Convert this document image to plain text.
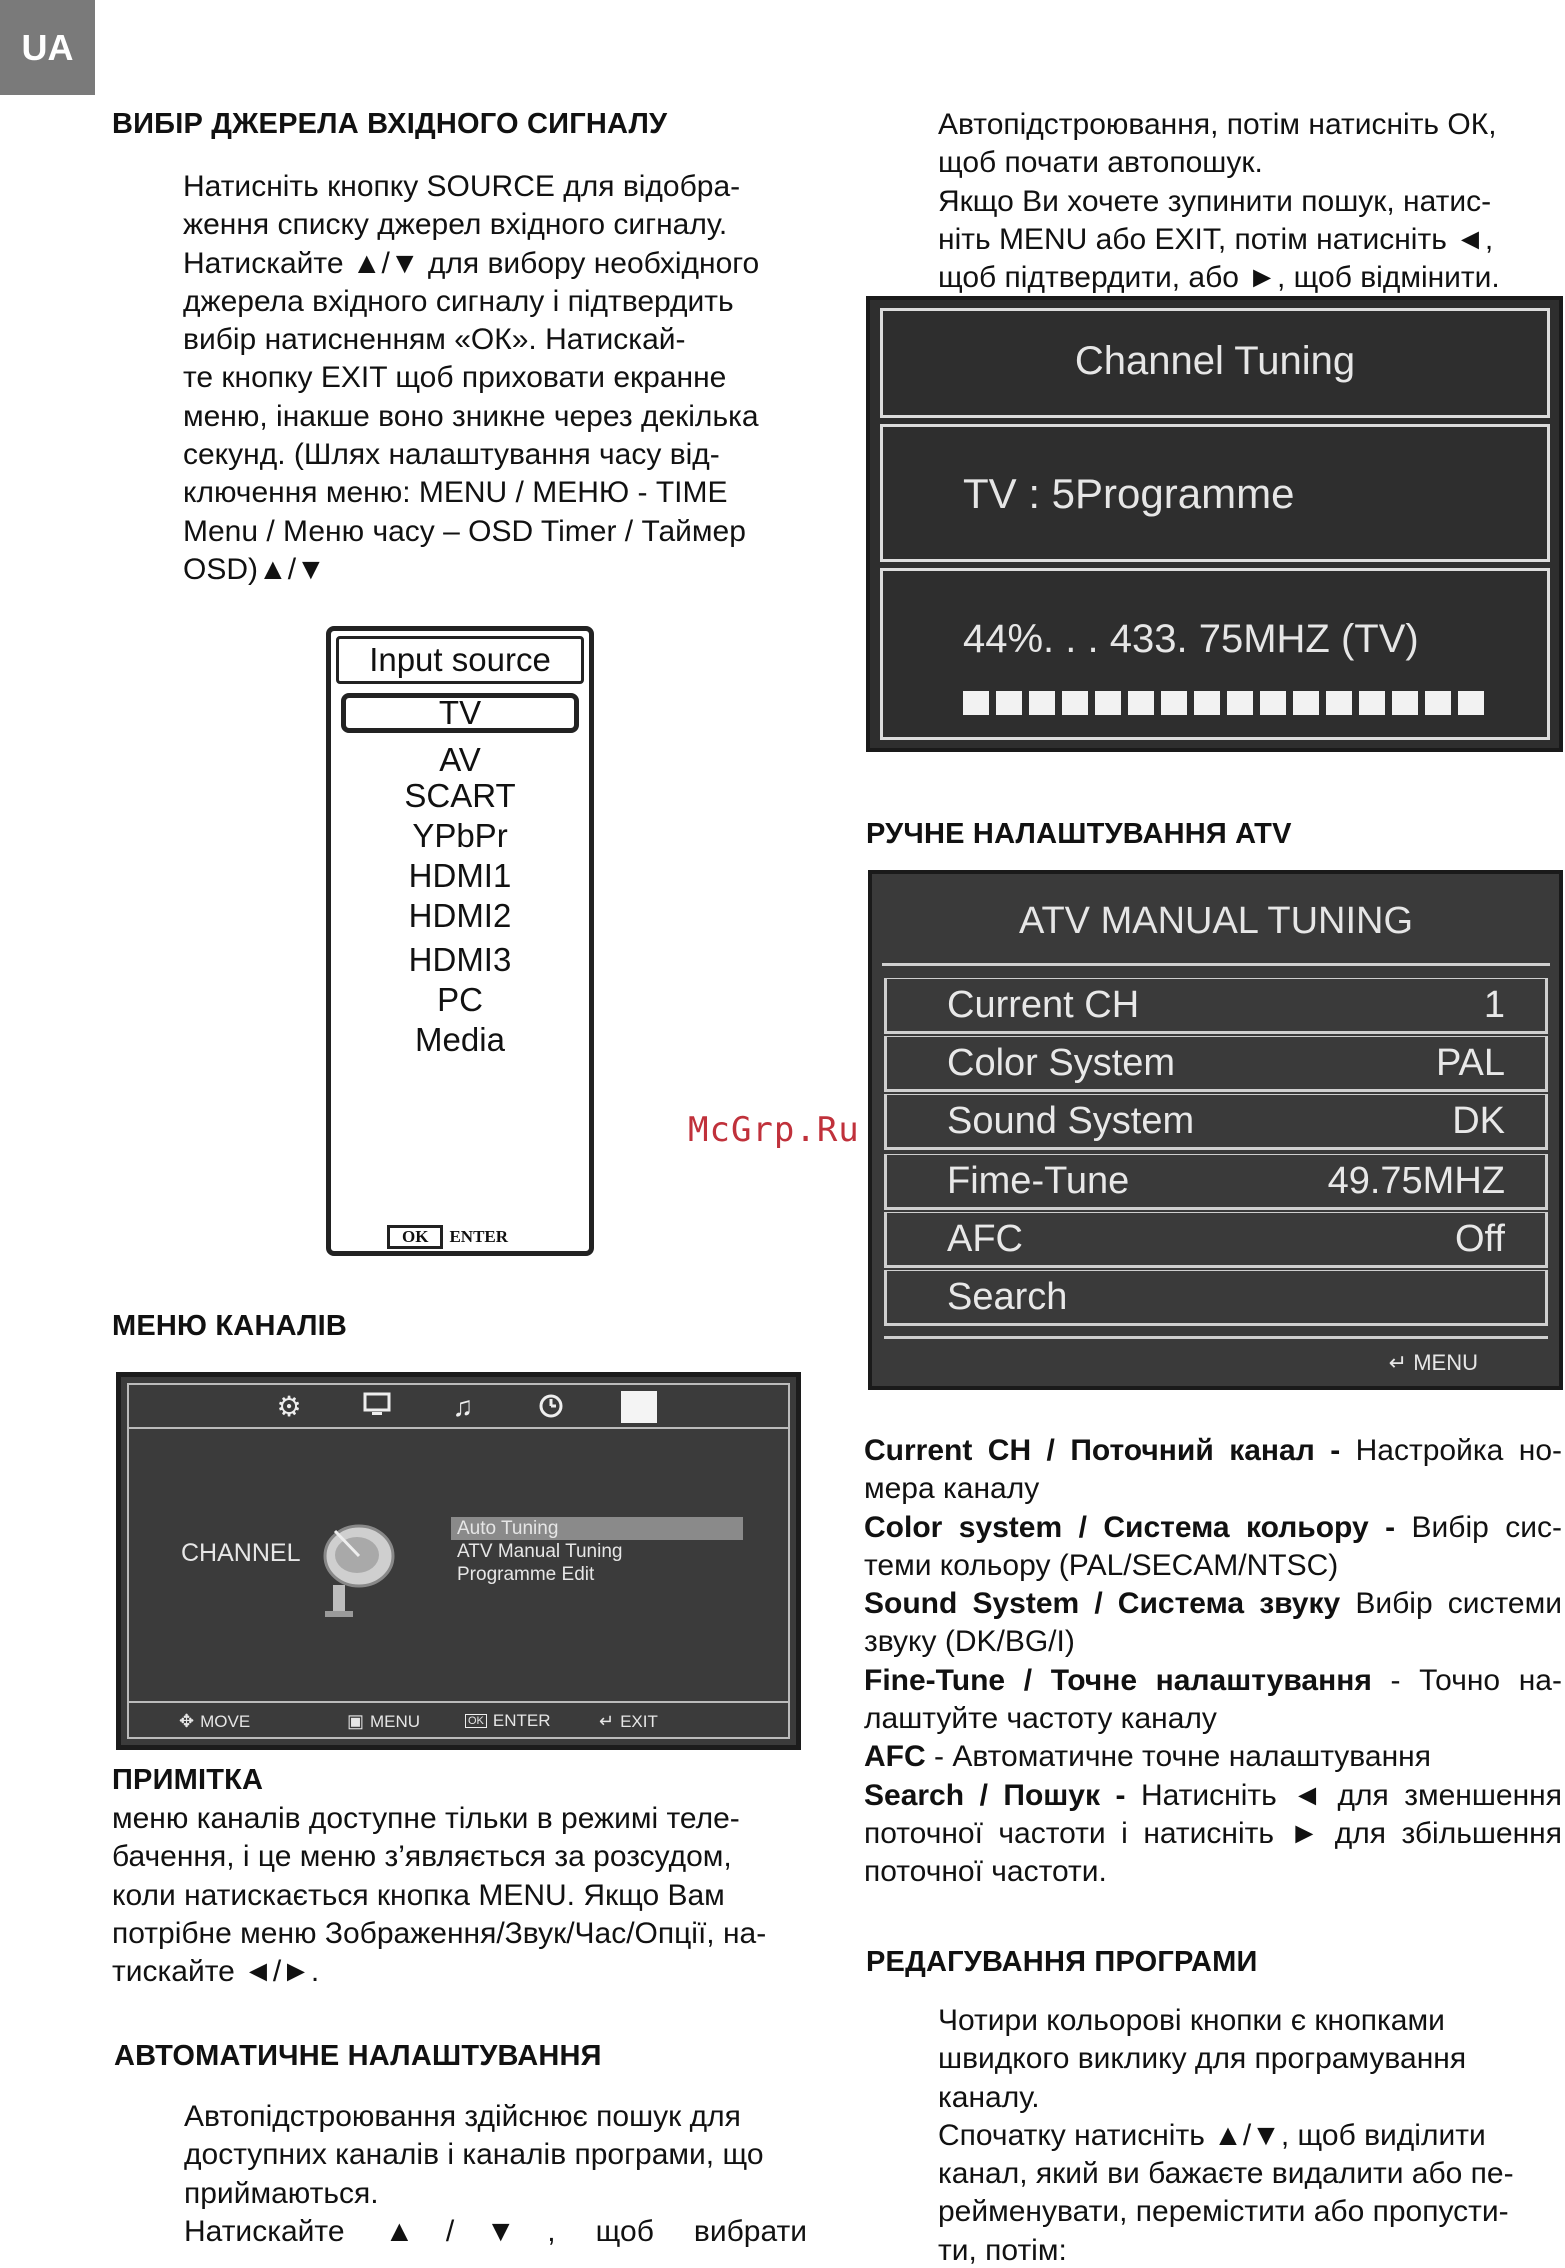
UA
ВИБІР ДЖЕРЕЛА ВХІДНОГО СИГНАЛУ

Натисніть кнопку SOURCE для відобра-

ження списку джерел вхідного сигналу.

Натискайте ▲/▼ для вибору необхідного

джерела вхідного сигналу і підтвердить

вибір натисненням «ОК». Натискай-

те кнопку EXIT щоб приховати екранне

меню, інакше воно зникне через декілька

секунд. (Шлях налаштування часу від-

ключення меню: MENU / МЕНЮ - TIME

Menu / Меню часу – OSD Timer / Таймер

OSD)▲/▼

Input source
TV
AV
SCART
YPbPr
HDMI1
HDMI2
HDMI3
PC
Media
OK	ENTER
МЕНЮ КАНАЛІВ
⚙	♫
CHANNEL
Auto Tuning
ATV Manual Tuning
Programme Edit
✥ MOVE	▣ MENU	OK ENTER	↵ EXIT
ПРИМІТКА

меню каналів доступне тільки в режимі теле-

бачення, і це меню з’являється за розсудом,

коли натискається кнопка MENU. Якщо Вам

потрібне меню Зображення/Звук/Час/Опції, на-

тискайте ◄/►.

АВТОМАТИЧНЕ НАЛАШТУВАННЯ

Автопідстроювання здійснює пошук для

доступних каналів і каналів програми, що

приймаються.

Натискайте ▲/▼, щоб вибрати

Автопідстроювання, потім натисніть ОК,

щоб почати автопошук.

Якщо Ви хочете зупинити пошук, натис-

ніть MENU або EXIT, потім натисніть ◄,

щоб підтвердити, або ►, щоб відмінити.

Channel Tuning
TV : 5Programme
44%. . . 433. 75MHZ (TV)
РУЧНЕ НАЛАШТУВАННЯ ATV
McGrp.Ru
ATV MANUAL TUNING
Current CH	1
Color System	PAL
Sound System	DK
Fime-Tune	49.75MHZ
AFC	Off
Search
↵ MENU

Current CH / Поточний канал - Настройка но-мера каналу

Color system / Система кольору - Вибір сис-теми кольору (PAL/SECAM/NTSC)

Sound System / Система звуку Вибір системи звуку (DK/BG/I)

Fine-Tune / Точне налаштування - Точно на-лаштуйте частоту каналу

AFC - Автоматичне точне налаштування

Search / Пошук - Натисніть ◄ для зменшення поточної частоти і натисніть ► для збільшення поточної частоти.

РЕДАГУВАННЯ ПРОГРАМИ

Чотири кольорові кнопки є кнопками

швидкого виклику для програмування

каналу.

Спочатку натисніть ▲/▼, щоб виділити

канал, який ви бажаєте видалити або пе-

рейменувати, перемістити або пропусти-

ти, потім:
